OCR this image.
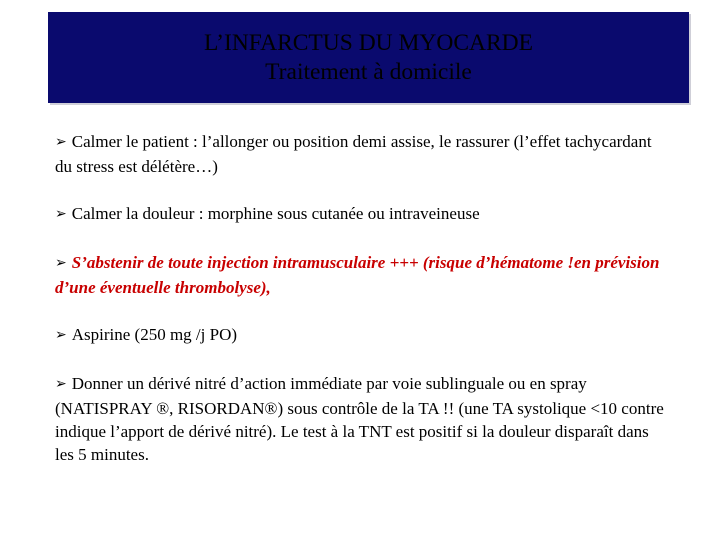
L’INFARCTUS DU MYOCARDE
Traitement à domicile
➢ Calmer le patient : l’allonger ou position demi assise, le rassurer (l’effet tachycardant du stress est délétère…)
➢ Calmer la douleur : morphine sous cutanée ou intraveineuse
➢ S’abstenir de toute injection intramusculaire +++ (risque d’hématome !en prévision d’une éventuelle thrombolyse),
➢ Aspirine (250 mg /j PO)
➢ Donner un dérivé nitré d’action immédiate par voie sublinguale ou en spray (NATISPRAY ®, RISORDAN®) sous contrôle de la TA !! (une TA systolique <10 contre indique l’apport de dérivé nitré). Le test à la TNT est positif si la douleur disparaît dans les 5 minutes.
